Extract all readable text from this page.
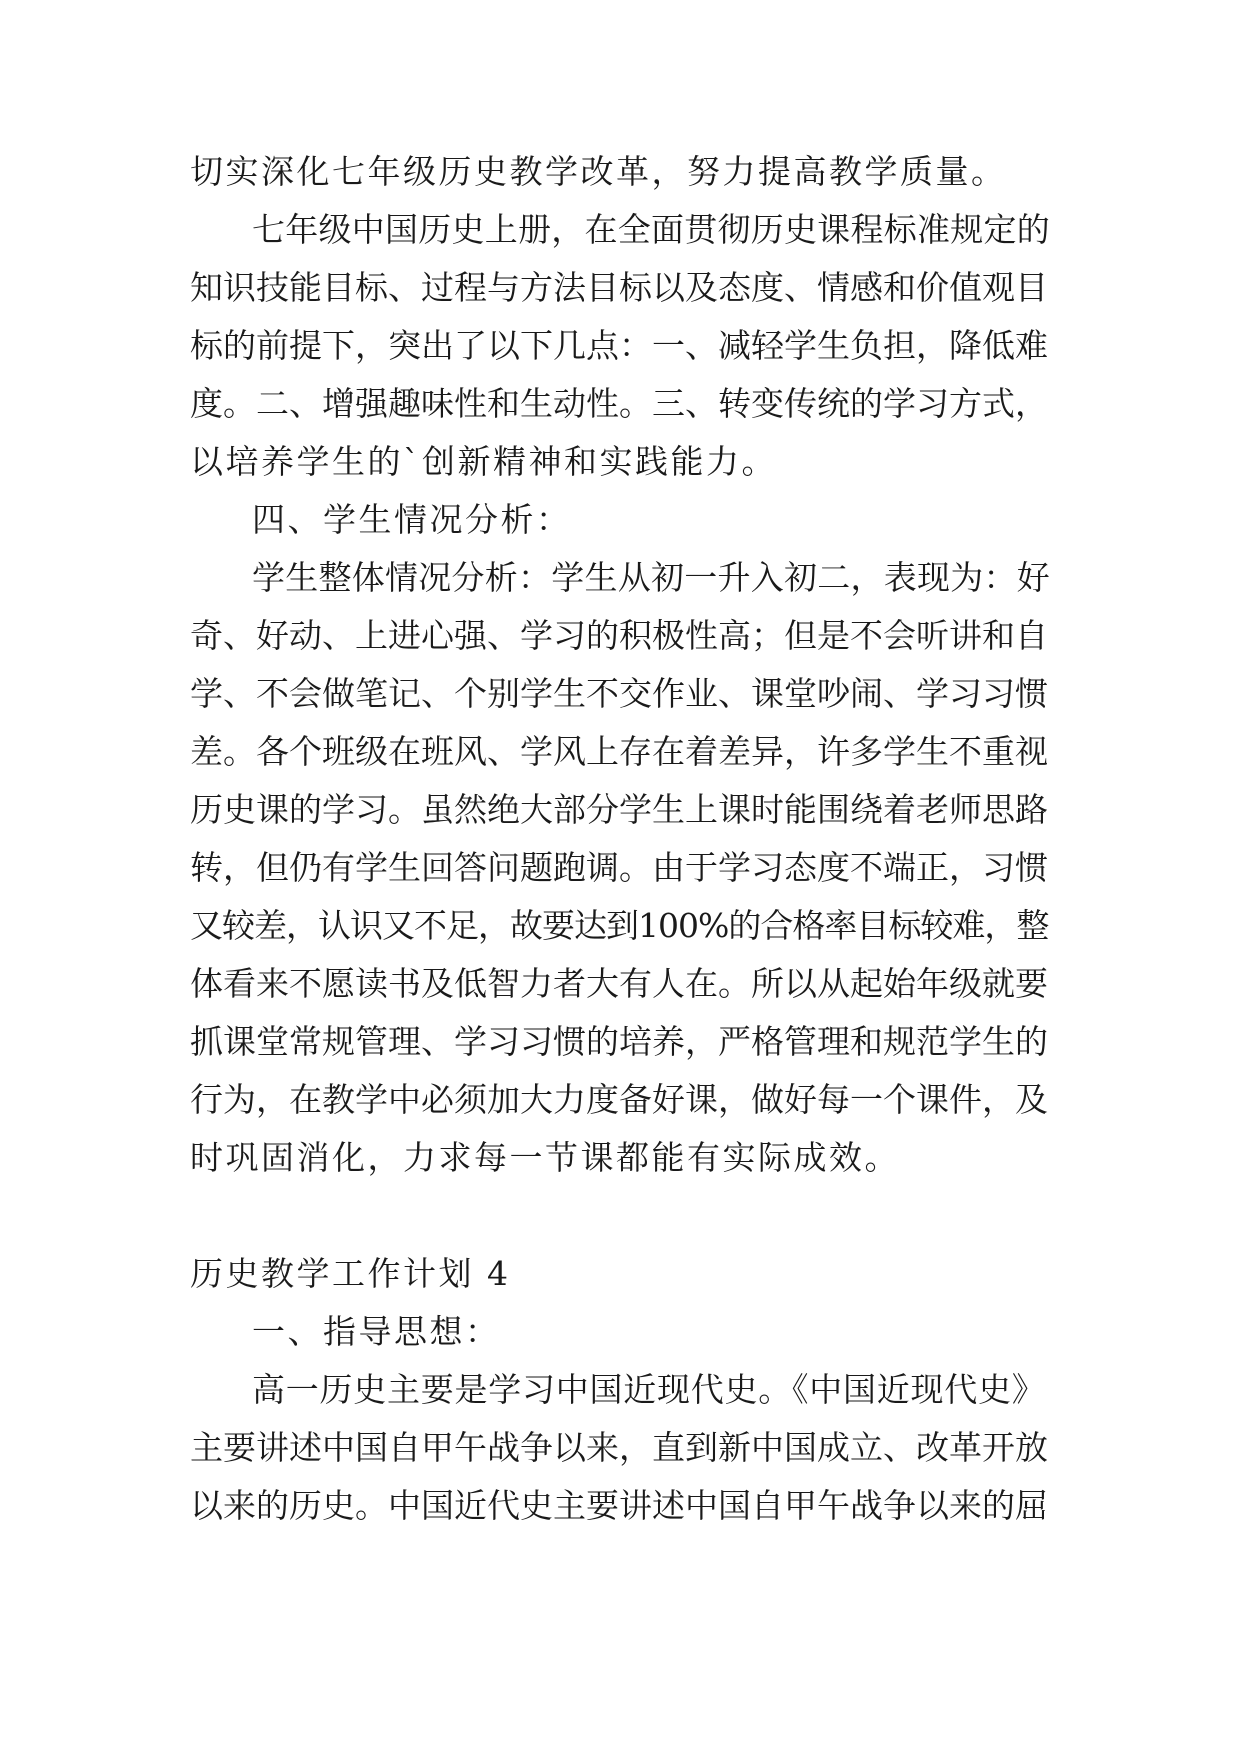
切实深化七年级历史教学改革，努力提高教学质量。
七年级中国历史上册，在全面贯彻历史课程标准规定的
知识技能目标、过程与方法目标以及态度、情感和价值观目
标的前提下，突出了以下几点：一、减轻学生负担，降低难
度。二、增强趣味性和生动性。三、转变传统的学习方式，
以培养学生的`创新精神和实践能力。
四、学生情况分析：
学生整体情况分析：学生从初一升入初二，表现为：好
奇、好动、上进心强、学习的积极性高；但是不会听讲和自
学、不会做笔记、个别学生不交作业、课堂吵闹、学习习惯
差。各个班级在班风、学风上存在着差异，许多学生不重视
历史课的学习。虽然绝大部分学生上课时能围绕着老师思路
转，但仍有学生回答问题跑调。由于学习态度不端正，习惯
又较差，认识又不足，故要达到100%的合格率目标较难，整
体看来不愿读书及低智力者大有人在。所以从起始年级就要
抓课堂常规管理、学习习惯的培养，严格管理和规范学生的
行为，在教学中必须加大力度备好课，做好每一个课件，及
时巩固消化，力求每一节课都能有实际成效。
历史教学工作计划 4
一、指导思想：
高一历史主要是学习中国近现代史。《中国近现代史》
主要讲述中国自甲午战争以来，直到新中国成立、改革开放
以来的历史。中国近代史主要讲述中国自甲午战争以来的屈
